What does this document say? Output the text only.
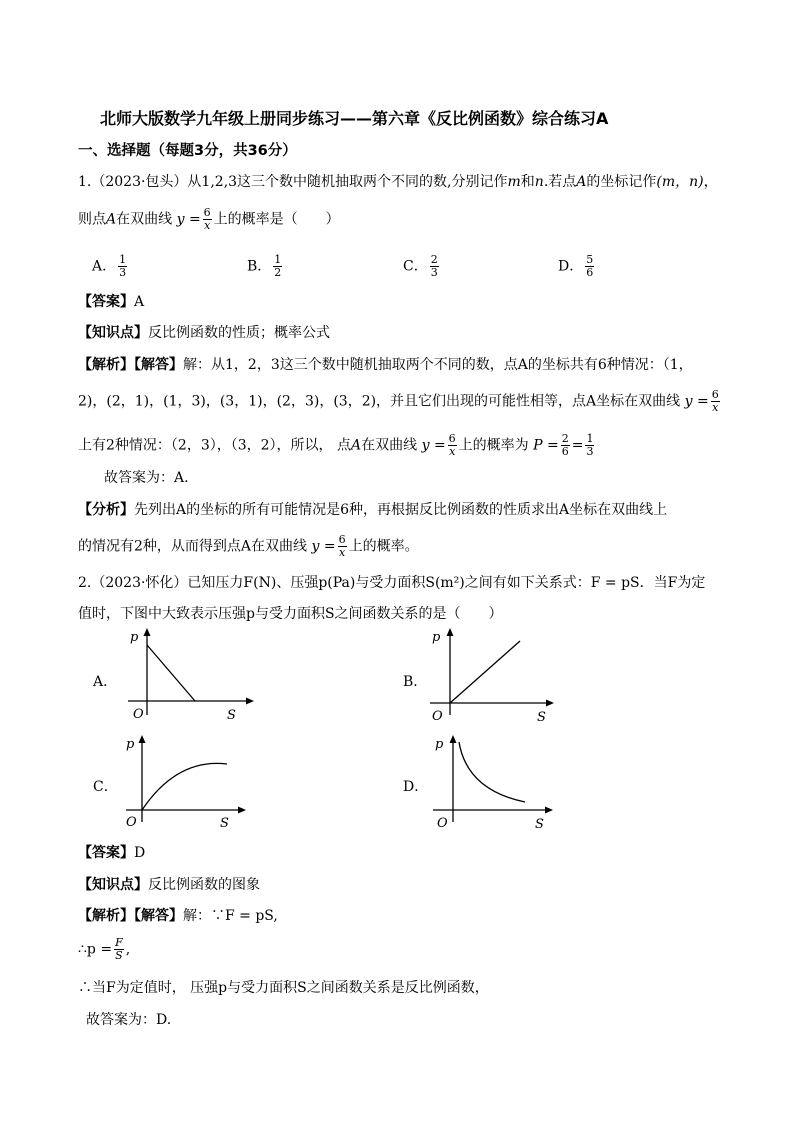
北师大版数学九年级上册同步练习——第六章《反比例函数》综合练习A
一、选择题（每题3分，共36分）
1.（2023·包头）从1,2,3这三个数中随机抽取两个不同的数,分别记作m和n.若点A的坐标记作(m，n)，
则点A在双曲线 $y = \frac{6}{x}$ 上的概率是（　　）
A． $\frac{1}{3}$	B． $\frac{1}{2}$	C． $\frac{2}{3}$	D． $\frac{5}{6}$
【答案】A
【知识点】反比例函数的性质；概率公式
【解析】【解答】解：从1，2，3这三个数中随机抽取两个不同的数，点A的坐标共有6种情况：（1，
2)，(2，1)，(1，3)，(3，1)，(2，3)，(3，2)，并且它们出现的可能性相等，点A坐标在双曲线 $y = \frac{6}{x}$
上有2种情况：（2，3），（3，2），所以， 点A在双曲线 $y = \frac{6}{x}$ 上的概率为 $P = \frac{2}{6} = \frac{1}{3}$
故答案为：A.
【分析】先列出A的坐标的所有可能情况是6种，再根据反比例函数的性质求出A坐标在双曲线上
的情况有2种，从而得到点A在双曲线 $y = \frac{6}{x}$ 上的概率。
2.（2023·怀化）已知压力F(N)、压强p(Pa)与受力面积S(m²)之间有如下关系式：F = pS．当F为定
值时，下图中大致表示压强p与受力面积S之间函数关系的是（　　）
A．
p
O	S
B．
p
O	S
C．
p
O	S
D．
p
O	S
【答案】D
【知识点】反比例函数的图象
【解析】【解答】解：∵F = pS,
∴p = $\frac{F}{S}$ ,
∴当F为定值时， 压强p与受力面积S之间函数关系是反比例函数，
故答案为：D.
